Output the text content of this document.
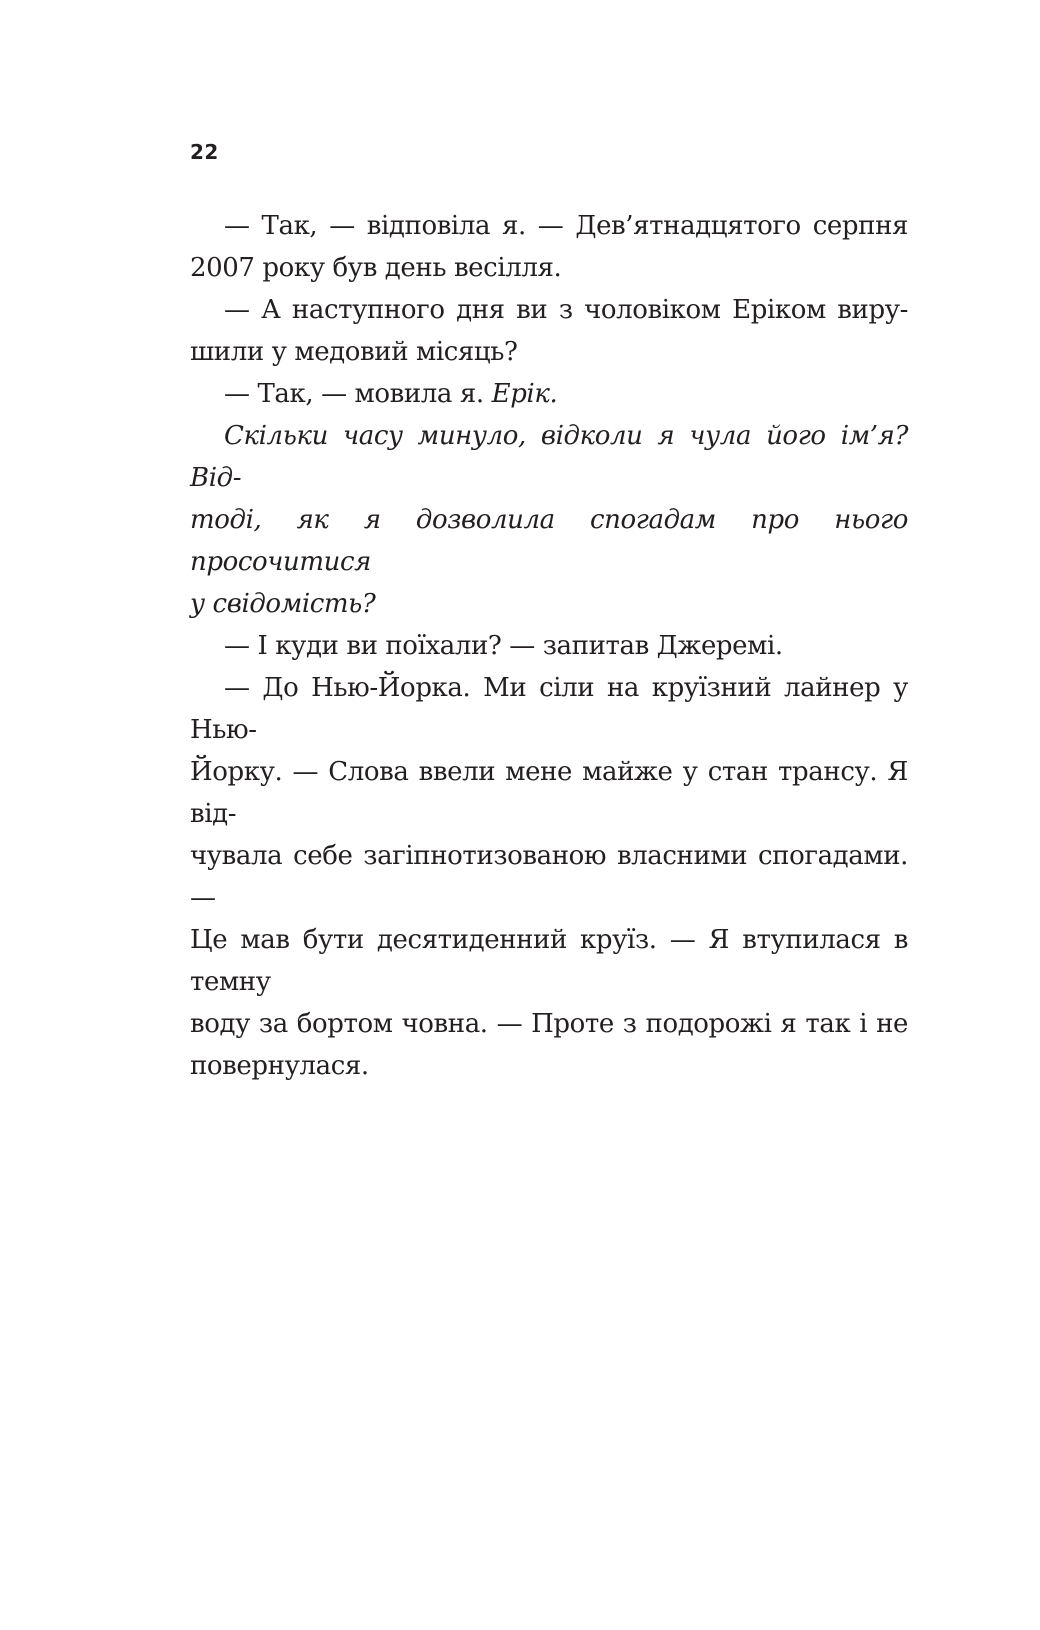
22

— Так, — відповіла я. — Дев’ятнадцятого серпня
2007 року був день весілля.

— А наступного дня ви з чоловіком Еріком виру-
шили у медовий місяць?

— Так, — мовила я. Ерік.

Скільки часу минуло, відколи я чула його ім’я? Від-
тоді, як я дозволила спогадам про нього просочитися
у свідомість?

— І куди ви поїхали? — запитав Джеремі.

— До Нью-Йорка. Ми сіли на круїзний лайнер у Нью-
Йорку. — Слова ввели мене майже у стан трансу. Я від-
чувала себе загіпнотизованою власними спогадами. —
Це мав бути десятиденний круїз. — Я втупилася в темну
воду за бортом човна. — Проте з подорожі я так і не
повернулася.
